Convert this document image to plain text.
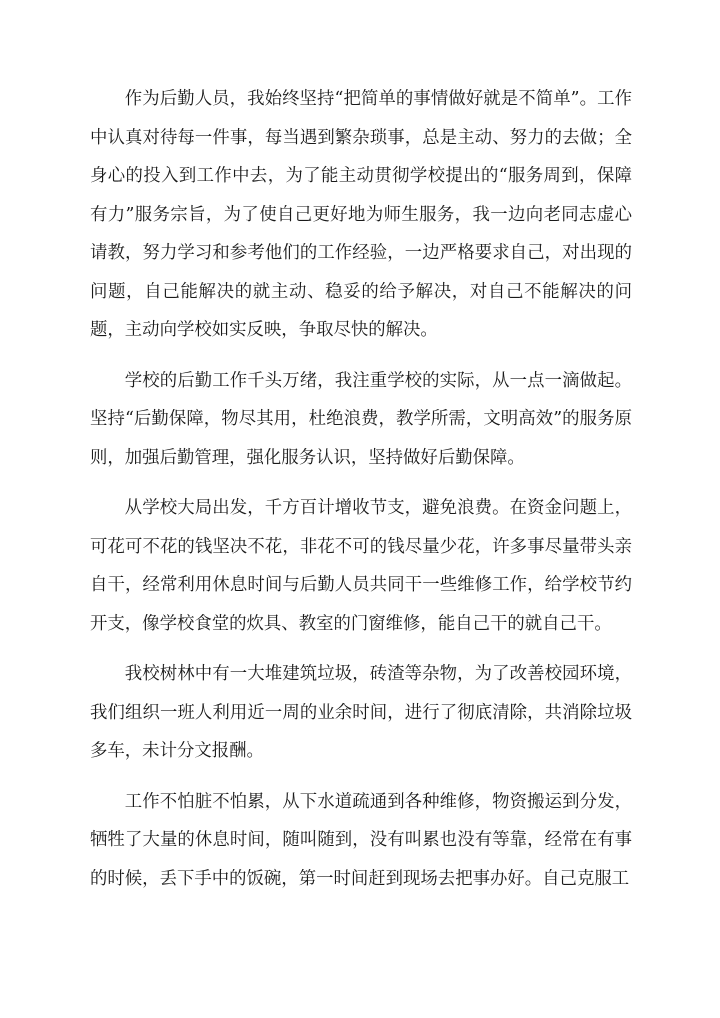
作为后勤人员，我始终坚持“把简单的事情做好就是不简单”。工作中认真对待每一件事，每当遇到繁杂琐事，总是主动、努力的去做；全身心的投入到工作中去，为了能主动贯彻学校提出的“服务周到，保障有力”服务宗旨，为了使自己更好地为师生服务，我一边向老同志虚心请教，努力学习和参考他们的工作经验，一边严格要求自己，对出现的问题，自己能解决的就主动、稳妥的给予解决，对自己不能解决的问题，主动向学校如实反映，争取尽快的解决。

学校的后勤工作千头万绪，我注重学校的实际，从一点一滴做起。坚持“后勤保障，物尽其用，杜绝浪费，教学所需，文明高效”的服务原则，加强后勤管理，强化服务认识，坚持做好后勤保障。

从学校大局出发，千方百计增收节支，避免浪费。在资金问题上，可花可不花的钱坚决不花，非花不可的钱尽量少花，许多事尽量带头亲自干，经常利用休息时间与后勤人员共同干一些维修工作，给学校节约开支，像学校食堂的炊具、教室的门窗维修，能自己干的就自己干。

我校树林中有一大堆建筑垃圾，砖渣等杂物，为了改善校园环境，我们组织一班人利用近一周的业余时间，进行了彻底清除，共消除垃圾多车，未计分文报酬。

工作不怕脏不怕累，从下水道疏通到各种维修，物资搬运到分发，牺牲了大量的休息时间，随叫随到，没有叫累也没有等靠，经常在有事的时候，丢下手中的饭碗，第一时间赶到现场去把事办好。自己克服工
